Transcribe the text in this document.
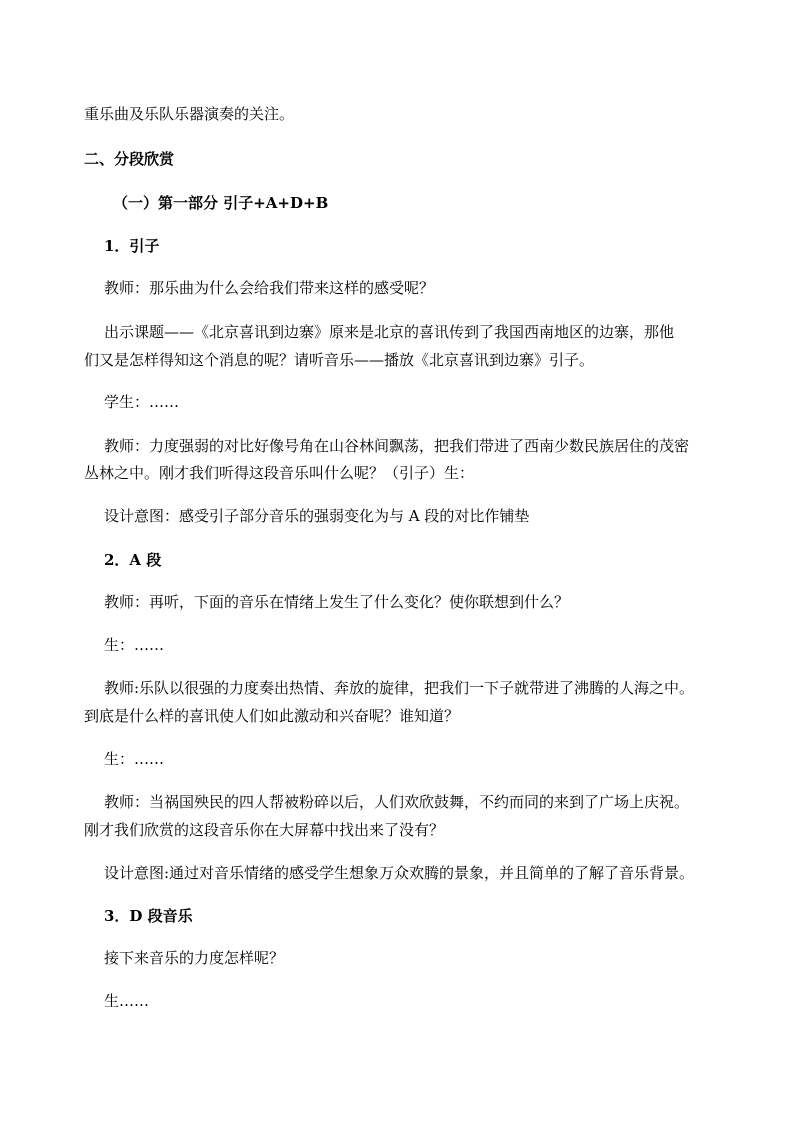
重乐曲及乐队乐器演奏的关注。
二、分段欣赏
（一）第一部分 引子+A+D+B
1．引子
教师：那乐曲为什么会给我们带来这样的感受呢？
出示课题——《北京喜讯到边寨》原来是北京的喜讯传到了我国西南地区的边寨，那他
们又是怎样得知这个消息的呢？请听音乐——播放《北京喜讯到边寨》引子。
学生：……
教师：力度强弱的对比好像号角在山谷林间飘荡，把我们带进了西南少数民族居住的茂密
丛林之中。刚才我们听得这段音乐叫什么呢？（引子）生：
设计意图：感受引子部分音乐的强弱变化为与 A 段的对比作铺垫
2．A 段
教师：再听，下面的音乐在情绪上发生了什么变化？使你联想到什么？
生：……
教师:乐队以很强的力度奏出热情、奔放的旋律，把我们一下子就带进了沸腾的人海之中。
到底是什么样的喜讯使人们如此激动和兴奋呢？谁知道？
生：……
教师：当祸国殃民的四人帮被粉碎以后，人们欢欣鼓舞，不约而同的来到了广场上庆祝。
刚才我们欣赏的这段音乐你在大屏幕中找出来了没有？
设计意图:通过对音乐情绪的感受学生想象万众欢腾的景象，并且简单的了解了音乐背景。
3．D 段音乐
接下来音乐的力度怎样呢？
生……
